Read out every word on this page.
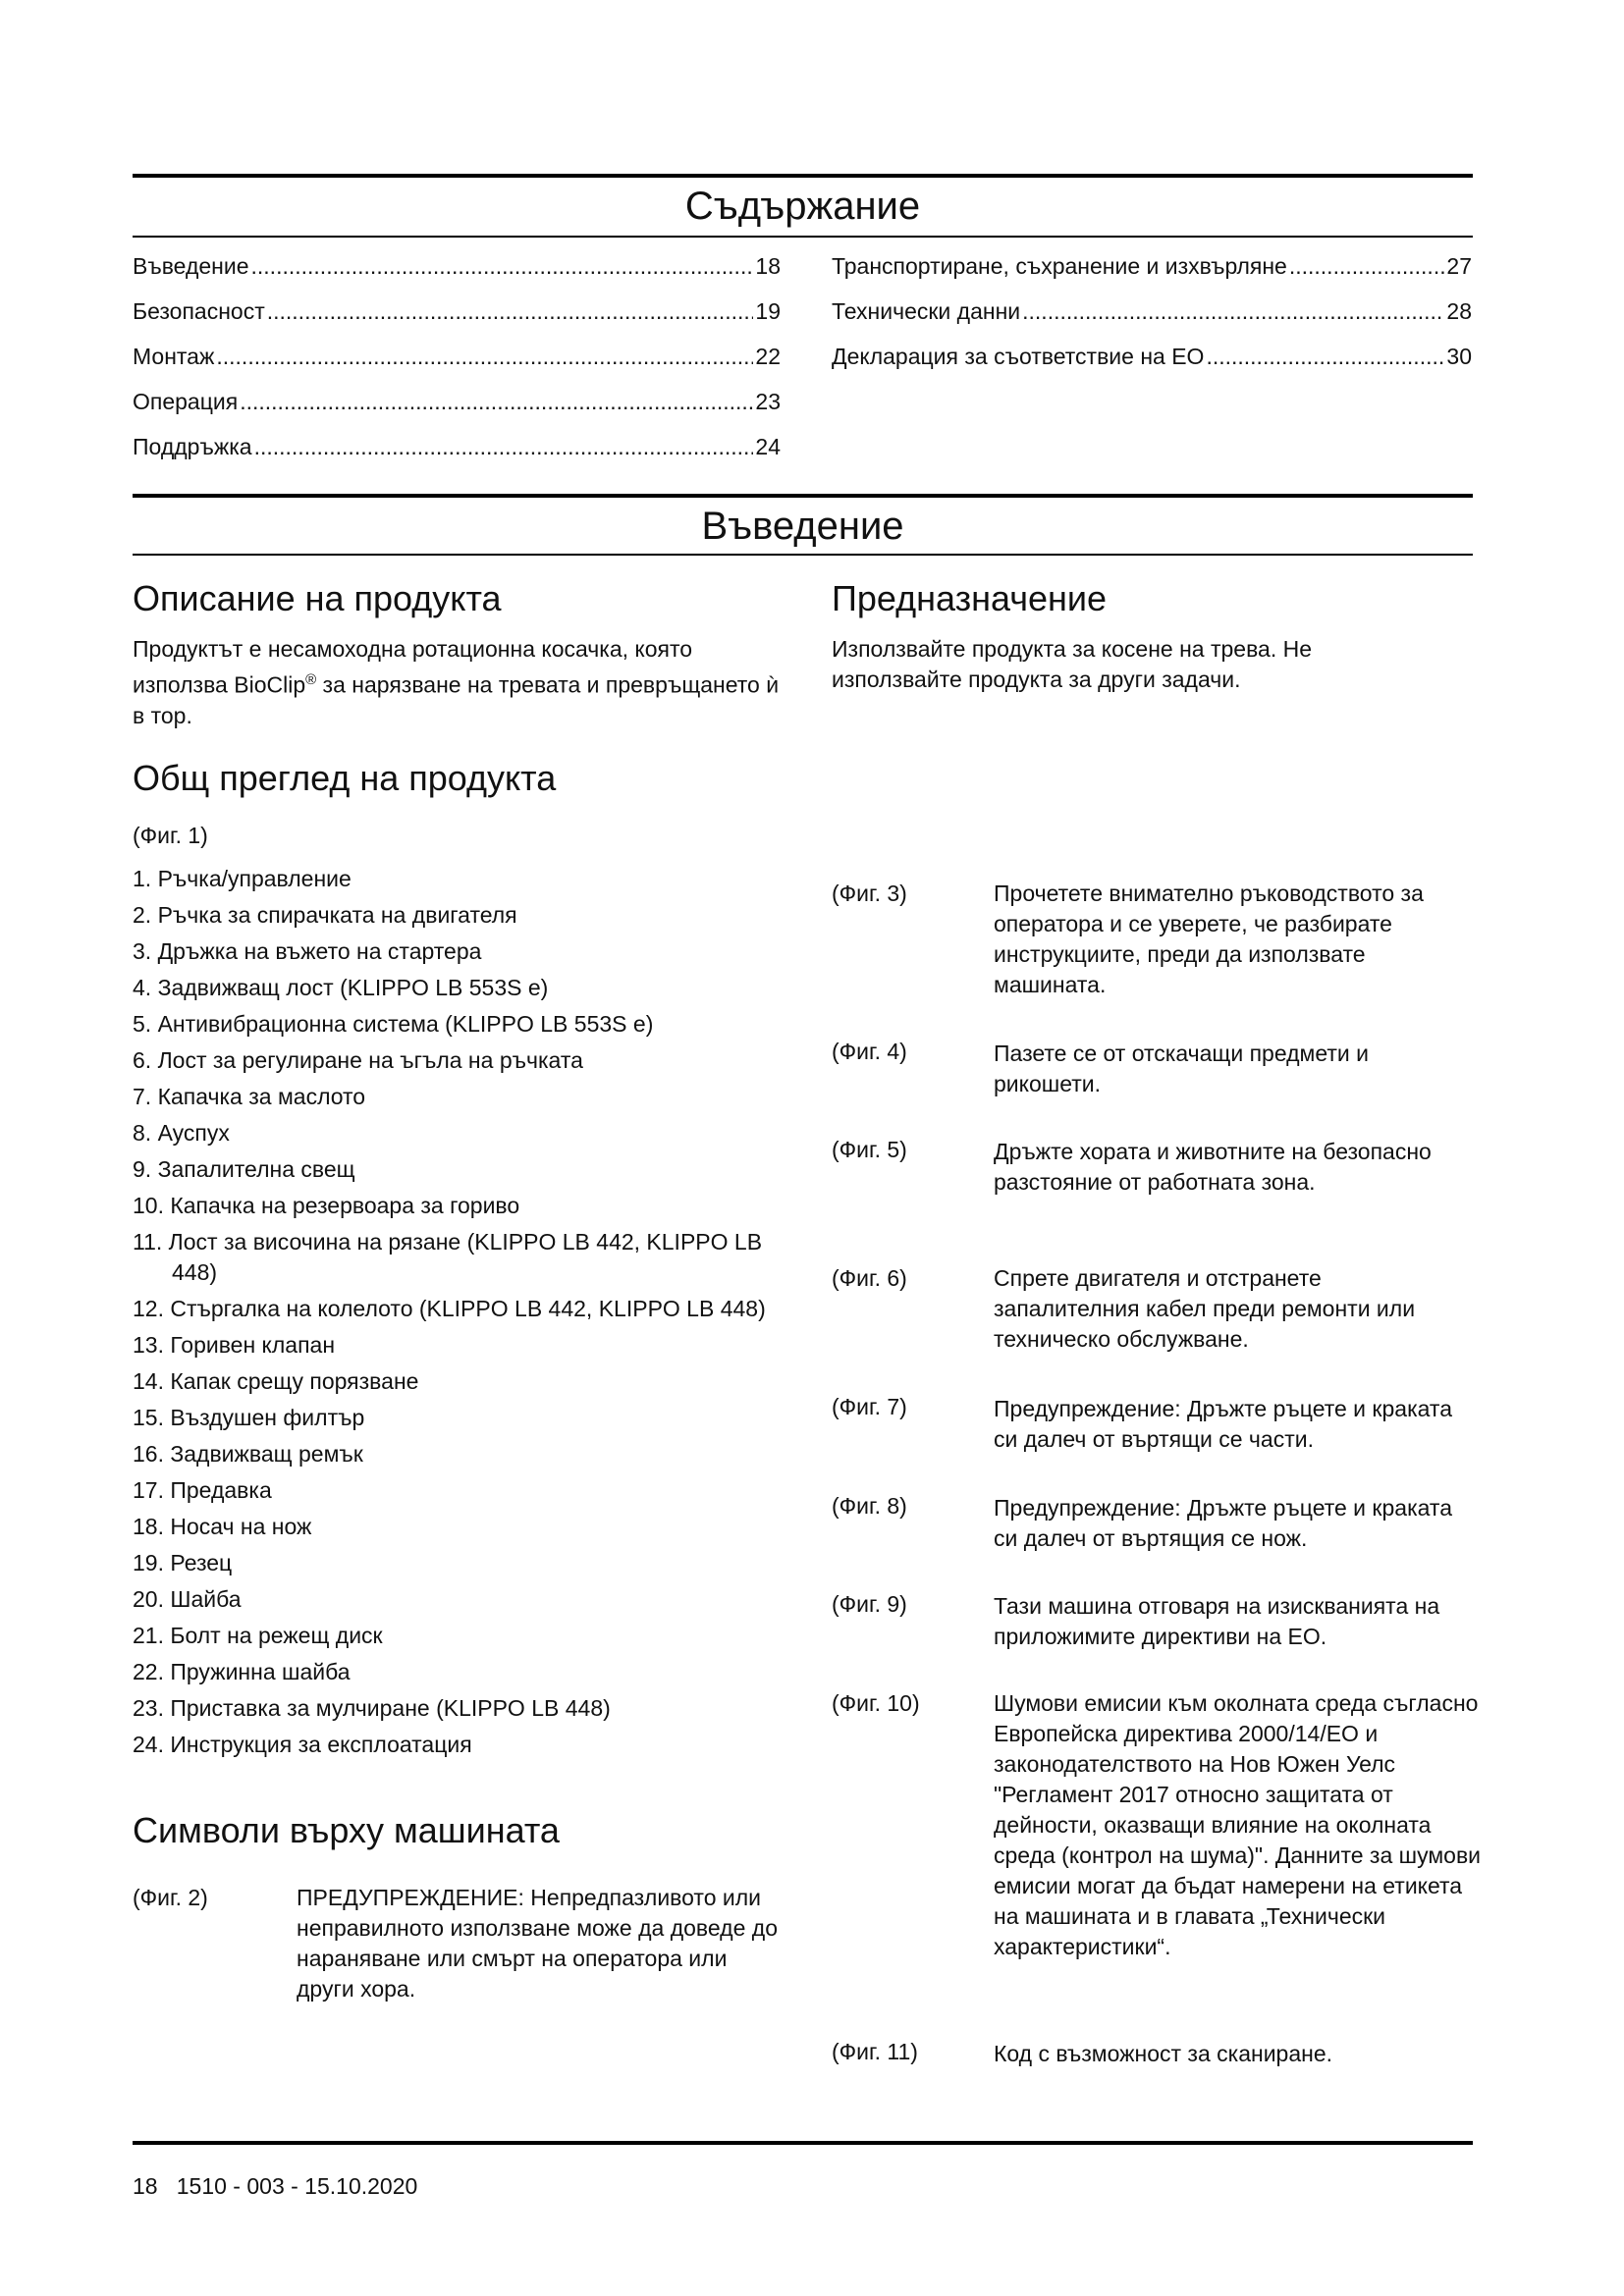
Съдържание
Въведение .....	18
Безопасност .....	19
Монтаж .....	22
Операция .....	23
Поддръжка .....	24
Транспортиране, съхранение и изхвърляне .....	27
Технически данни .....	28
Декларация за съответствие на ЕО .....	30
Въведение
Описание на продукта

Продуктът е несамоходна ротационна косачка, която използва BioClip® за нарязване на тревата и превръщането ѝ в тор.

Предназначение

Използвайте продукта за косене на трева. Не използвайте продукта за други задачи.

Общ преглед на продукта

(Фиг. 1)

1. Ръчка/управление
2. Ръчка за спирачката на двигателя
3. Дръжка на въжето на стартера
4. Задвижващ лост (KLIPPO LB 553S e)
5. Антивибрационна система (KLIPPO LB 553S e)
6. Лост за регулиране на ъгъла на ръчката
7. Капачка за маслото
8. Ауспух
9. Запалителна свещ
10. Капачка на резервоара за гориво
11. Лост за височина на рязане (KLIPPO LB 442, KLIPPO LB 448)
12. Стъргалка на колелото (KLIPPO LB 442, KLIPPO LB 448)
13. Горивен клапан
14. Капак срещу порязване
15. Въздушен филтър
16. Задвижващ ремък
17. Предавка
18. Носач на нож
19. Резец
20. Шайба
21. Болт на режещ диск
22. Пружинна шайба
23. Приставка за мулчиране (KLIPPO LB 448)
24. Инструкция за експлоатация
Символи върху машината
(Фиг. 2)	ПРЕДУПРЕЖДЕНИЕ: Непредпазливото или неправилното използване може да доведе до нараняване или смърт на оператора или други хора.
(Фиг. 3)	Прочетете внимателно ръководството за оператора и се уверете, че разбирате инструкциите, преди да използвате машината.
(Фиг. 4)	Пазете се от отскачащи предмети и рикошети.
(Фиг. 5)	Дръжте хората и животните на безопасно разстояние от работната зона.
(Фиг. 6)	Спрете двигателя и отстранете запалителния кабел преди ремонти или техническо обслужване.
(Фиг. 7)	Предупреждение: Дръжте ръцете и краката си далеч от въртящи се части.
(Фиг. 8)	Предупреждение: Дръжте ръцете и краката си далеч от въртящия се нож.
(Фиг. 9)	Тази машина отговаря на изискванията на приложимите директиви на ЕО.
(Фиг. 10)	Шумови емисии към околната среда съгласно Европейска директива 2000/14/ЕО и законодателството на Нов Южен Уелс "Регламент 2017 относно защитата от дейности, оказващи влияние на околната среда (контрол на шума)". Данните за шумови емисии могат да бъдат намерени на етикета на машината и в главата „Технически характеристики“.
(Фиг. 11)	Код с възможност за сканиране.
18   1510 - 003 - 15.10.2020
